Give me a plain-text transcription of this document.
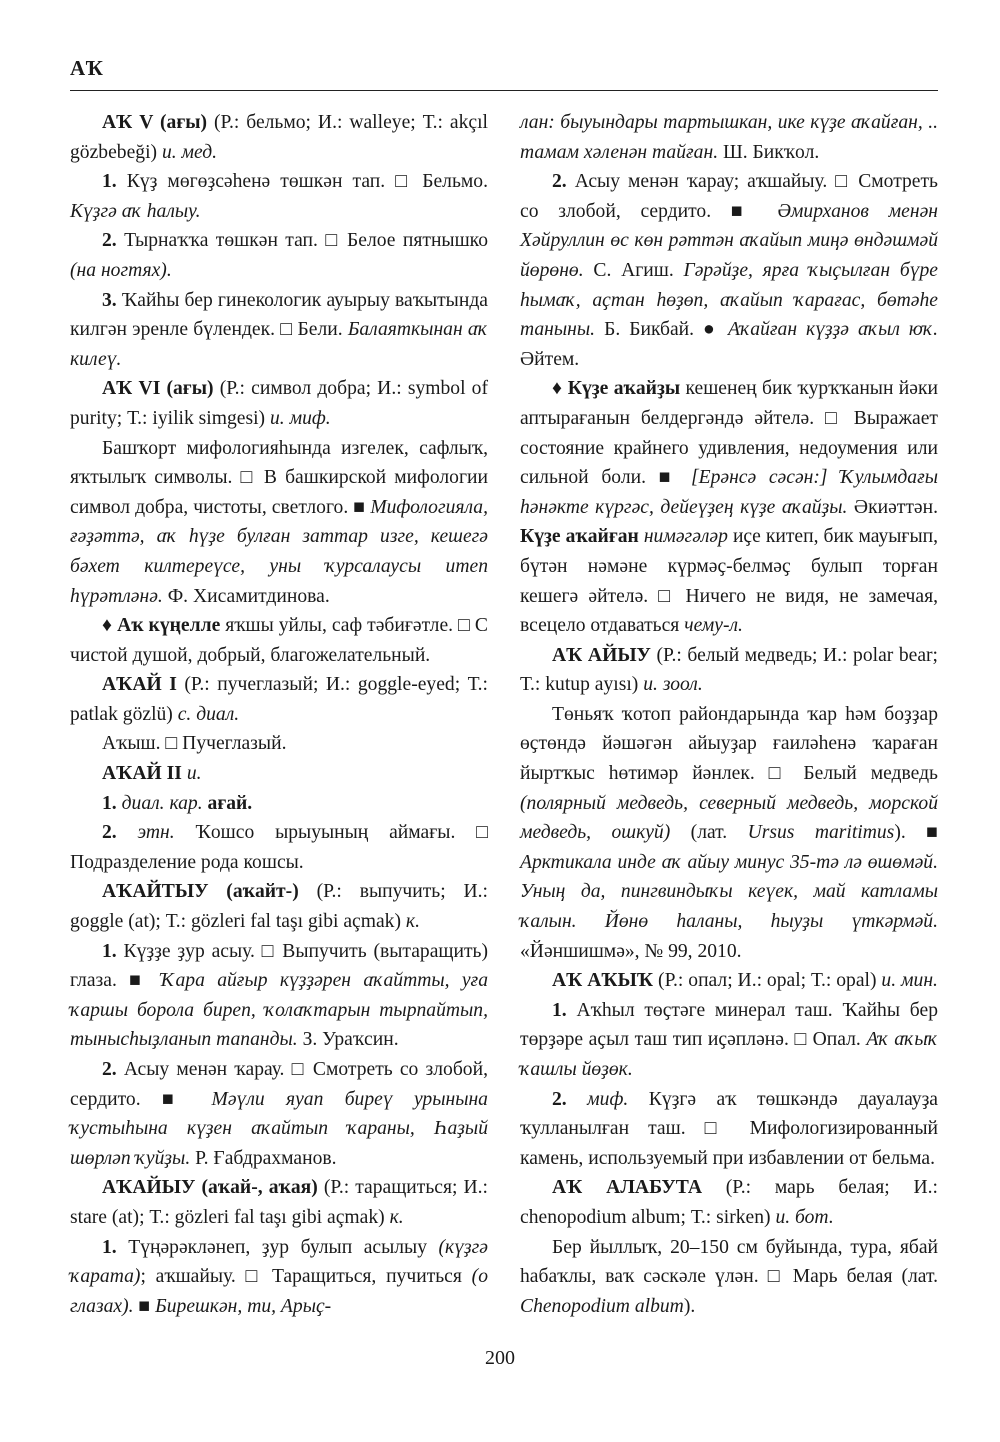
АҠ

АҠ V (ағы) (Р.: бельмо; И.: walleye; Т.: akçıl gözbebeği) и. мед.

1. Күҙ мөгөҙсәһенә төшкән тап. □ Бельмо. Күҙгә аҡ һалыу.

2. Тырнаҡҡа төшкән тап. □ Белое пятнышко (на ногтях).

3. Ҡайһы бер гинекологик ауырыу ваҡытында килгән эренле бүлендек. □ Бели. Балаяткынан аҡ килеү.

АҠ VI (ағы) (Р.: символ добра; И.: symbol of purity; Т.: iyilik simgesi) и. миф.

Башҡорт мифологияһында изгелек, сафлыҡ, яҡтылыҡ символы. □ В башкирской мифологии символ добра, чистоты, светлого. ■ Мифологияла, ғәҙәттә, аҡ һүҙе булған заттар изге, кешегә бәхет килтереүсе, уны ҡурсалаусы итеп һүрәтләнә. Ф. Хисамитдинова.

♦ Аҡ күңелле яҡшы уйлы, саф тәбиғәтле. □ С чистой душой, добрый, благожелательный.

АҠАЙ I (Р.: пучеглазый; И.: goggle-eyed; Т.: patlak gözlü) с. диал.

Аҡыш. □ Пучеглазый.

АҠАЙ II и.

1. диал. кар. ағай.

2. этн. Ҡошсо ырыуының аймағы. □ Подразделение рода кошсы.

АҠАЙТЫУ (аҡайт-) (Р.: выпучить; И.: goggle (at); Т.: gözleri fal taşı gibi açmak) к.

1. Күҙҙе ҙур асыу. □ Выпучить (вытаращить) глаза. ■ Ҡара айғыр күҙҙәрен аҡайтты, уға ҡаршы борола биреп, ҡолаҡтарын тырпайтып, тынысһыҙланып тапанды. З. Ураҡсин.

2. Асыу менән ҡарау. □ Смотреть со злобой, сердито. ■ Мәүли яуап биреү урынына ҡустыһына күҙен аҡайтып ҡараны, Һаҙый шөрләп ҡуйҙы. Р. Ғабдрахманов.

АҠАЙЫУ (аҡай-, аҡая) (Р.: таращиться; И.: stare (at); Т.: gözleri fal taşı gibi açmak) к.

1. Түңәрәкләнеп, ҙур булып асылыу (күҙгә ҡарата); аҡшайыу. □ Таращиться, пучиться (о глазах). ■ Бирешкән, ти, Арыҫ-

лан: быуындары тартышкан, ике күҙе аҡайған, .. тамам хәленән тайған. Ш. Бикҡол.

2. Асыу менән ҡарау; аҡшайыу. □ Смотреть со злобой, сердито. ■ Әмирханов менән Хәйруллин өс көн рәттән аҡайып миңә өндәшмәй йөрөнө. С. Агиш. Гәрәйҙе, ярға ҡыҫылған бүре һымаҡ, аҫтан һөҙөп, аҡайып ҡарағас, бөтәһе таныны. Б. Бикбай. ● Аҡайған күҙҙә аҡыл юҡ. Әйтем.

♦ Күҙе аҡайҙы кешенең бик ҡурҡҡанын йәки аптырағанын белдергәндә әйтелә. □ Выражает состояние крайнего удивления, недоумения или сильной боли. ■ [Ерәнсә сәсән:] Ҡулымдағы һәнәкте күргәс, дейеүҙең күҙе аҡайҙы. Әкиәттән. Күҙе аҡайған нимәгәләр иҫе китеп, бик мауығып, бүтән нәмәне күрмәҫ-белмәҫ булып торған кешегә әйтелә. □ Ничего не видя, не замечая, всецело отдаваться чему-л.

АҠ АЙЫУ (Р.: белый медведь; И.: polar bear; Т.: kutup ayısı) и. зоол.

Төньяҡ ҡотоп райондарында ҡар һәм боҙҙар өҫтөндә йәшәгән айыуҙар ғаиләһенә ҡараған йыртҡыс һөтимәр йәнлек. □ Белый медведь (полярный медведь, северный медведь, морской медведь, ошкуй) (лат. Ursus maritimus). ■ Арктикала инде аҡ айыу минус 35-тә лә өшөмәй. Уның да, пингвиндыҡы кеүек, май катламы ҡалын. Йөнө һаланы, һыуҙы үткәрмәй. «Йәншишмә», № 99, 2010.

АҠ АҠЫҠ (Р.: опал; И.: opal; Т.: opal) и. мин.

1. Аҡһыл төҫтәге минерал таш. Ҡайһы бер төрҙәре аҫыл таш тип иҫәпләнә. □ Опал. Аҡ аҡыҡ ҡашлы йөҙөк.

2. миф. Күҙгә аҡ төшкәндә дауалауҙа ҡулланылған таш. □ Мифологизированный камень, используемый при избавлении от бельма.

АҠ АЛАБУТА (Р.: марь белая; И.: chenopodium album; Т.: sirken) и. бот.

Бер йыллыҡ, 20–150 см буйында, тура, ябай һабаҡлы, ваҡ сәскәле үлән. □ Марь белая (лат. Chenopodium album).

200
